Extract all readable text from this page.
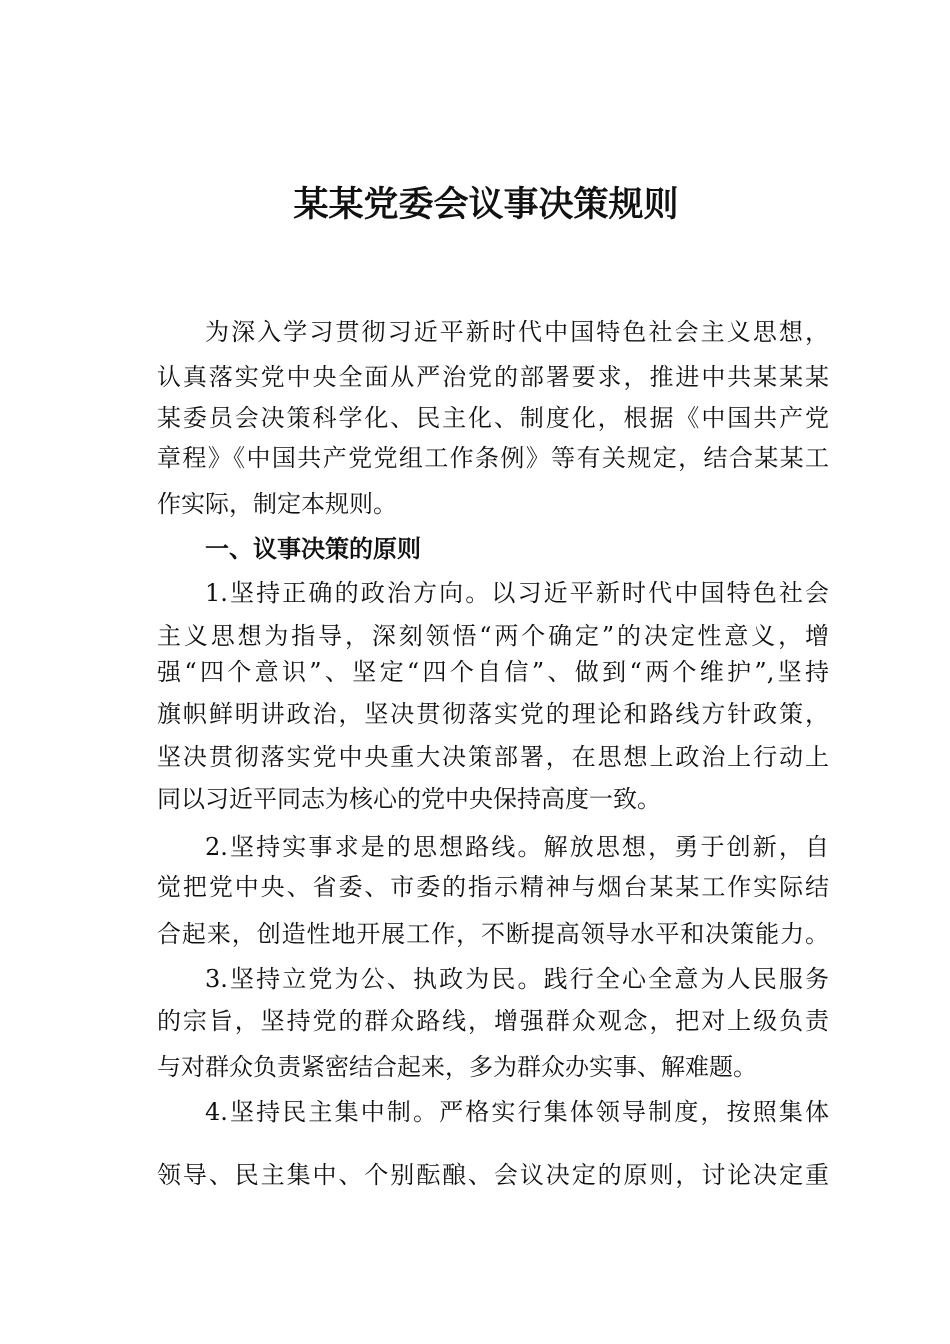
某某党委会议事决策规则
为深入学习贯彻习近平新时代中国特色社会主义思想，
认真落实党中央全面从严治党的部署要求，推进中共某某某
某委员会决策科学化、民主化、制度化，根据《中国共产党
章程》《中国共产党党组工作条例》等有关规定，结合某某工
作实际，制定本规则。
一、议事决策的原则
1.坚持正确的政治方向。以习近平新时代中国特色社会
主义思想为指导，深刻领悟“两个确定”的决定性意义，增
强“四个意识”、坚定“四个自信”、做到“两个维护”,坚持
旗帜鲜明讲政治，坚决贯彻落实党的理论和路线方针政策，
坚决贯彻落实党中央重大决策部署，在思想上政治上行动上
同以习近平同志为核心的党中央保持高度一致。
2.坚持实事求是的思想路线。解放思想，勇于创新，自
觉把党中央、省委、市委的指示精神与烟台某某工作实际结
合起来，创造性地开展工作，不断提高领导水平和决策能力。
3.坚持立党为公、执政为民。践行全心全意为人民服务
的宗旨，坚持党的群众路线，增强群众观念，把对上级负责
与对群众负责紧密结合起来，多为群众办实事、解难题。
4.坚持民主集中制。严格实行集体领导制度，按照集体
领导、民主集中、个别酝酿、会议决定的原则，讨论决定重
